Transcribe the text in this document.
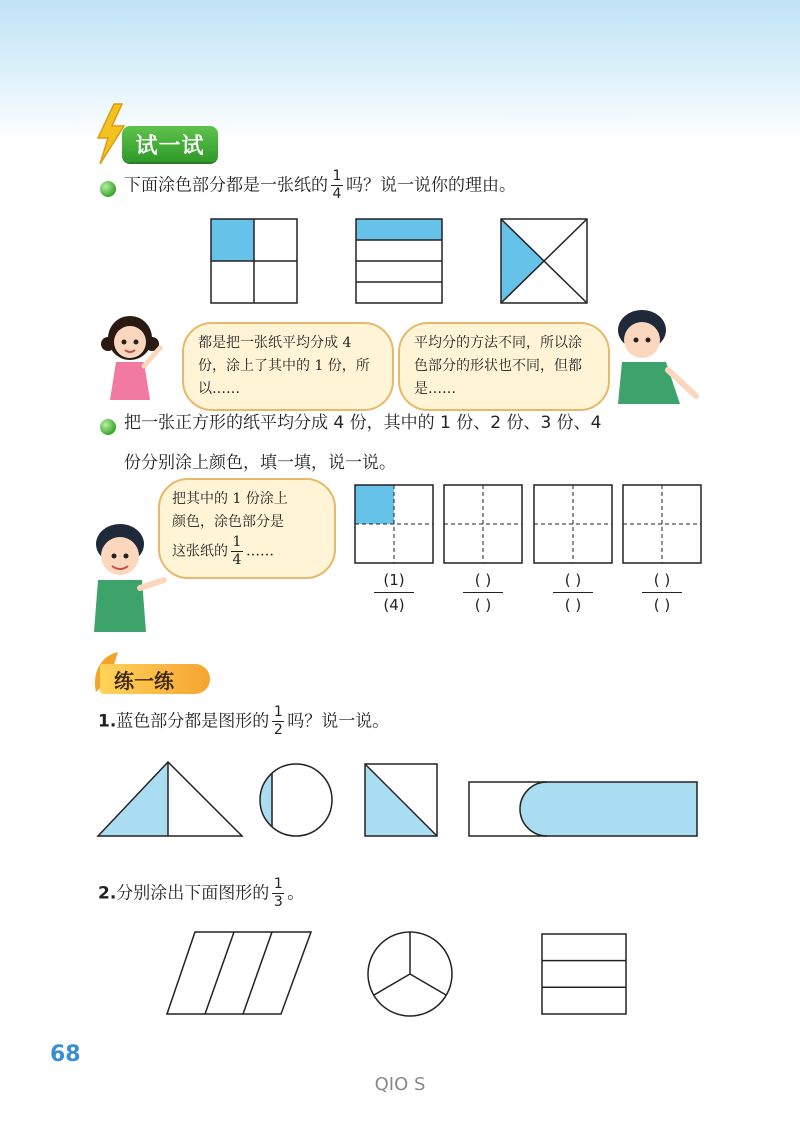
试一试
下面涂色部分都是一张纸的 $\frac{1}{4}$ 吗？说一说你的理由。
都是把一张纸平均分成 4 份，涂上了其中的 1 份，所以……
平均分的方法不同，所以涂色部分的形状也不同，但都是……
把一张正方形的纸平均分成 4 份，其中的 1 份、2 份、3 份、4
份分别涂上颜色，填一填，说一说。
把其中的 1 份涂上
颜色，涂色部分是
这张纸的 $\frac{1}{4}$ ……
(1)
(4)
( )
( )
( )
( )
( )
( )
练一练
1.蓝色部分都是图形的 $\frac{1}{2}$ 吗？说一说。
2.分别涂出下面图形的 $\frac{1}{3}$ 。
68
QIO S
